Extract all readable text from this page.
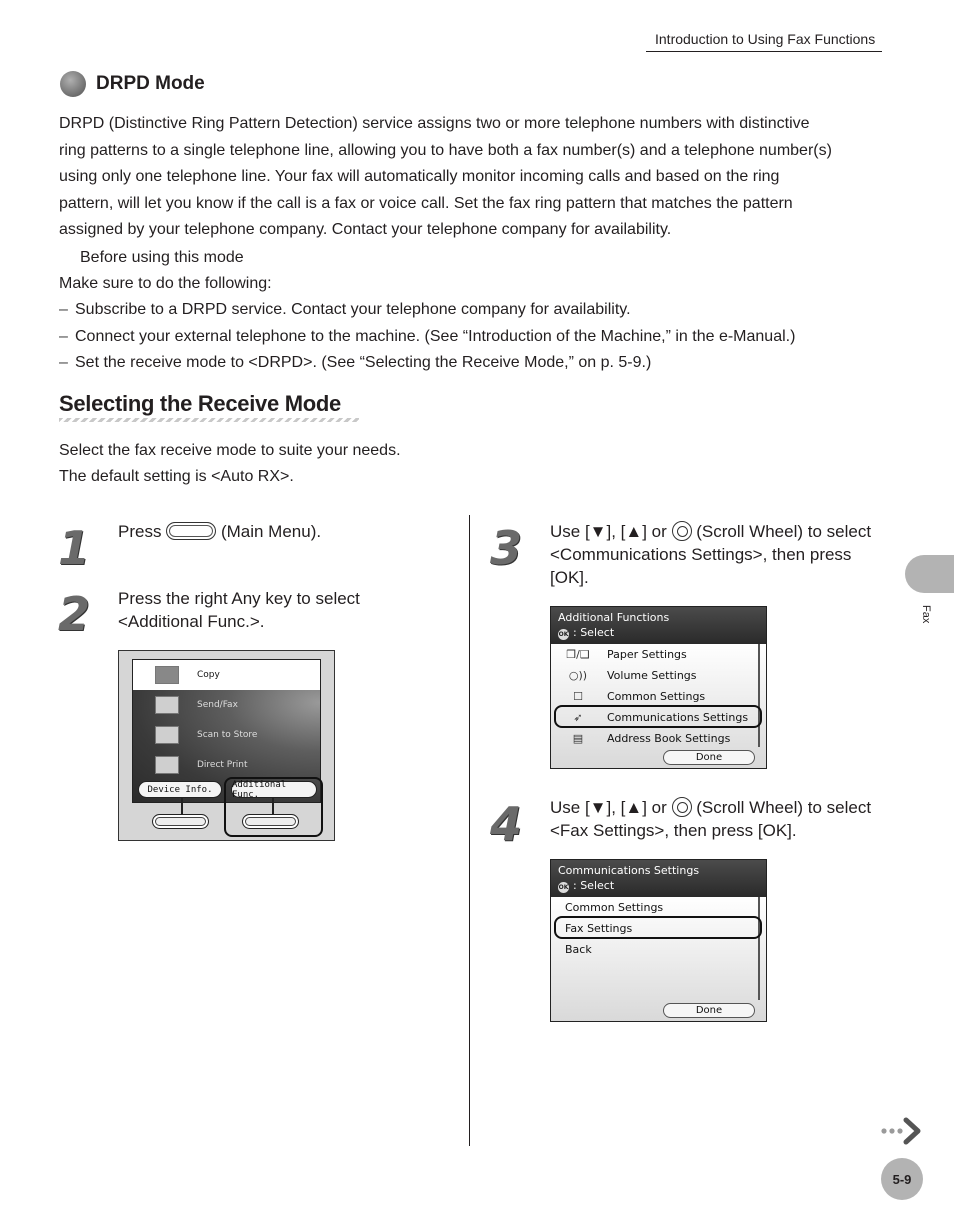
Introduction to Using Fax Functions
DRPD Mode
DRPD (Distinctive Ring Pattern Detection) service assigns two or more telephone numbers with distinctive
ring patterns to a single telephone line, allowing you to have both a fax number(s) and a telephone number(s)
using only one telephone line. Your fax will automatically monitor incoming calls and based on the ring
pattern, will let you know if the call is a fax or voice call. Set the fax ring pattern that matches the pattern
assigned by your telephone company. Contact your telephone company for availability.
Before using this mode
Make sure to do the following:
– Subscribe to a DRPD service. Contact your telephone company for availability.
– Connect your external telephone to the machine. (See “Introduction of the Machine,” in the e-Manual.)
– Set the receive mode to <DRPD>. (See “Selecting the Receive Mode,” on p. 5-9.)
Selecting the Receive Mode
Select the fax receive mode to suite your needs.
The default setting is <Auto RX>.
1 Press	(Main Menu).
2 Press the right Any key to select
<Additional Func.>.
Copy
Send/Fax
Scan to Store
Direct Print
Device Info.	Additional Func.
3 Use [▼], [▲] or (Scroll Wheel) to select
<Communications Settings>, then press
[OK].
Additional Functions
OK : Select
❒/❑ Paper Settings
○))	Volume Settings
☐	Common Settings
➶	Communications Settings
▤	Address Book Settings
Done
4 Use [▼], [▲] or (Scroll Wheel) to select
<Fax Settings>, then press [OK].
Communications Settings
OK : Select
Common Settings
Fax Settings
Back
Done
Fax
5-9
